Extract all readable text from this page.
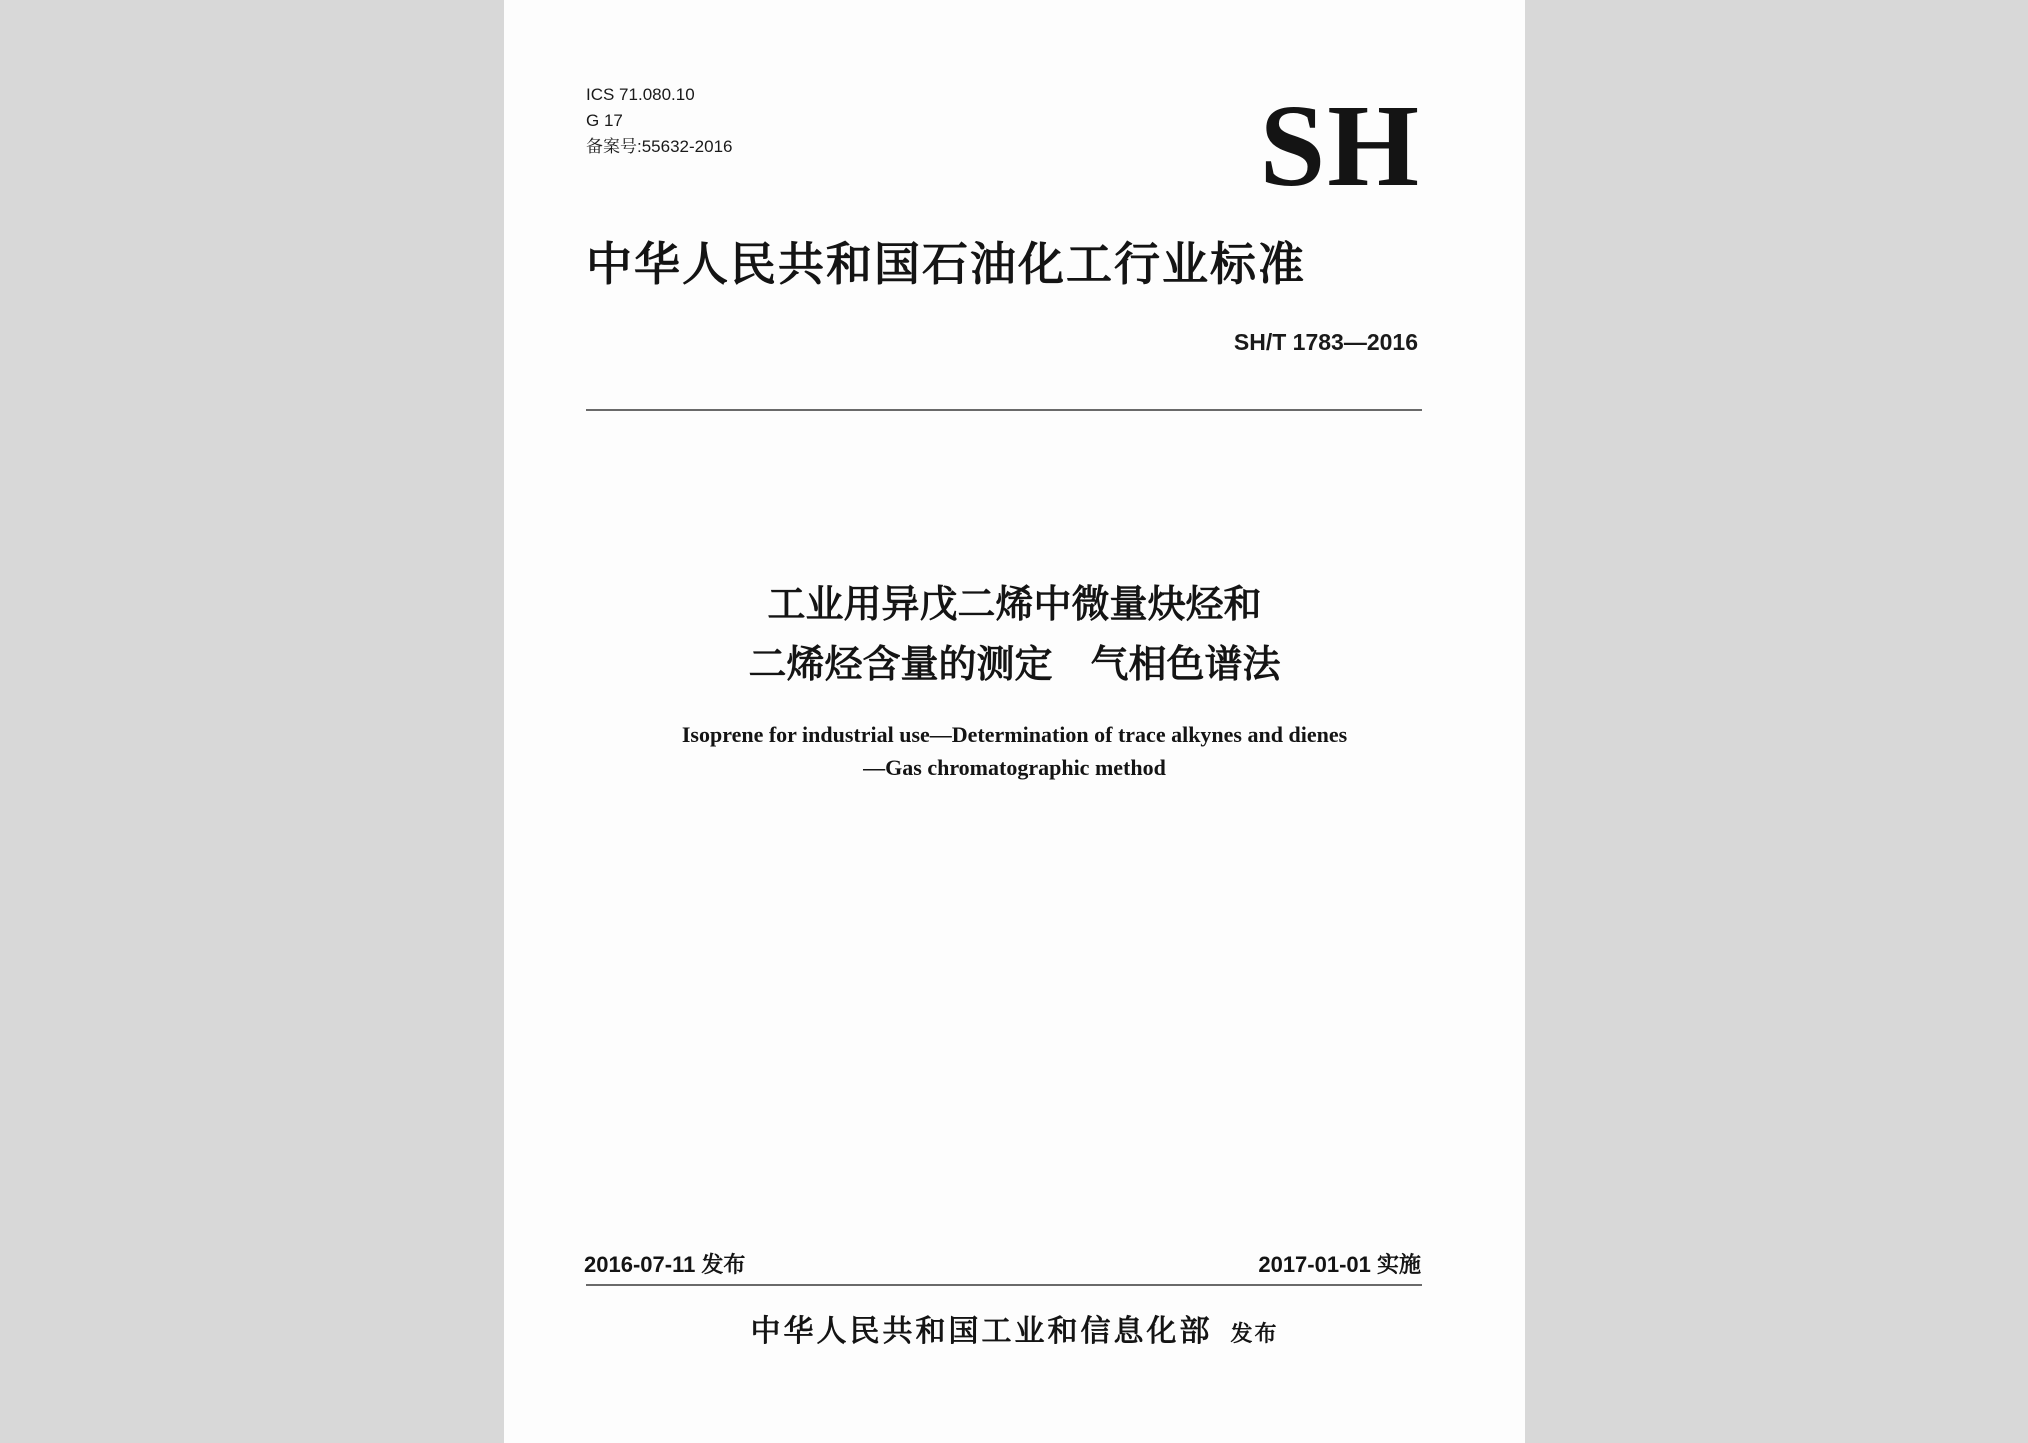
ICS 71.080.10
G 17
备案号:55632-2016	SH
中华人民共和国石油化工行业标准
SH/T 1783—2016
工业用异戊二烯中微量炔烃和
二烯烃含量的测定　气相色谱法
Isoprene for industrial use—Determination of trace alkynes and dienes
—Gas chromatographic method
2016-07-11 发布	2017-01-01 实施
中华人民共和国工业和信息化部 发布
